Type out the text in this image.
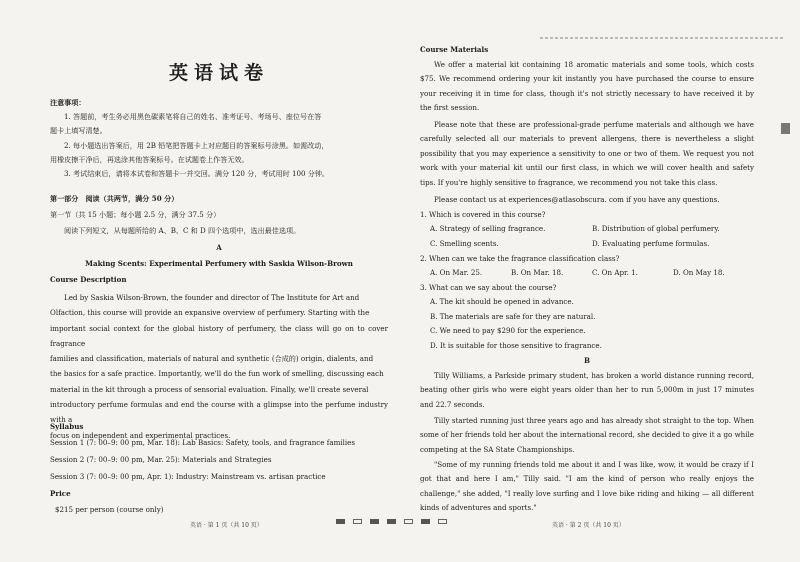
英语试卷
注意事项：
1. 答题前，考生务必用黑色碳素笔将自己的姓名、准考证号、考场号、座位号在答
题卡上填写清楚。
2. 每小题选出答案后，用 2B 铅笔把答题卡上对应题目的答案标号涂黑。如需改动，
用橡皮擦干净后，再选涂其他答案标号。在试题卷上作答无效。
3. 考试结束后，请将本试卷和答题卡一并交回。满分 120 分，考试用时 100 分钟。
第一部分　阅读（共两节，满分 50 分）
第一节（共 15 小题；每小题 2.5 分，满分 37.5 分）
阅读下列短文，从每题所给的 A、B、C 和 D 四个选项中，选出最佳选项。
A
Making Scents: Experimental Perfumery with Saskia Wilson-Brown
Course Description
Led by Saskia Wilson-Brown, the founder and director of The Institute for Art and
Olfaction, this course will provide an expansive overview of perfumery. Starting with the
important social context for the global history of perfumery, the class will go on to cover fragrance
families and classification, materials of natural and synthetic (合成的) origin, dialents, and
the basics for a safe practice. Importantly, we'll do the fun work of smelling, discussing each
material in the kit through a process of sensorial evaluation. Finally, we'll create several
introductory perfume formulas and end the course with a glimpse into the perfume industry with a
focus on independent and experimental practices.
Syllabus
Session 1 (7: 00–9: 00 pm, Mar. 18): Lab Basics: Safety, tools, and fragrance families
Session 2 (7: 00–9: 00 pm, Mar. 25): Materials and Strategies
Session 3 (7: 00–9: 00 pm, Apr. 1): Industry: Mainstream vs. artisan practice
Price
$215 per person (course only)
Course Materials
We offer a material kit containing 18 aromatic materials and some tools, which costs $75. We recommend ordering your kit instantly you have purchased the course to ensure your receiving it in time for class, though it's not strictly necessary to have received it by the first session.
Please note that these are professional-grade perfume materials and although we have carefully selected all our materials to prevent allergens, there is nevertheless a slight possibility that you may experience a sensitivity to one or two of them. We request you not work with your material kit until our first class, in which we will cover health and safety tips. If you're highly sensitive to fragrance, we recommend you not take this class.
Please contact us at experiences@atlasobscura. com if you have any questions.
1. Which is covered in this course?
A. Strategy of selling fragrance.	B. Distribution of global perfumery.
C. Smelling scents.	D. Evaluating perfume formulas.
2. When can we take the fragrance classification class?
A. On Mar. 25.	B. On Mar. 18.	C. On Apr. 1.	D. On May 18.
3. What can we say about the course?
A. The kit should be opened in advance.
B. The materials are safe for they are natural.
C. We need to pay $290 for the experience.
D. It is suitable for those sensitive to fragrance.
B
Tilly Williams, a Parkside primary student, has broken a world distance running record, beating other girls who were eight years older than her to run 5,000m in just 17 minutes and 22.7 seconds.
Tilly started running just three years ago and has already shot straight to the top. When some of her friends told her about the international record, she decided to give it a go while competing at the SA State Championships.
"Some of my running friends told me about it and I was like, wow, it would be crazy if I got that and here I am," Tilly said. "I am the kind of person who really enjoys the challenge," she added, "I really love surfing and I love bike riding and hiking — all different kinds of adventures and sports."
英语 · 第 1 页（共 10 页）	英语 · 第 2 页（共 10 页）
